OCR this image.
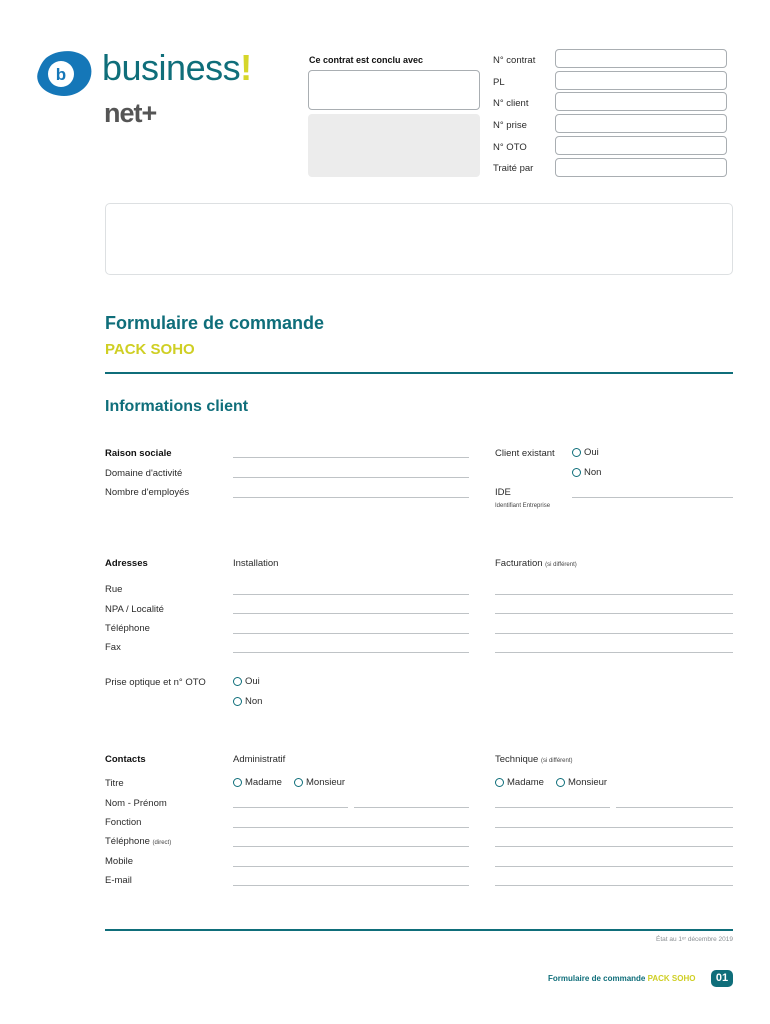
b business!
net+
Ce contrat est conclu avec	N° contrat
PL
N° client
N° prise
N° OTO
Traité par
Formulaire de commande
PACK SOHO
Informations client
Raison sociale
Domaine d'activité
Nombre d'employés
Client existant	Oui
Non
IDE
Identifiant Entreprise
Adresses	Installation	Facturation (si différent)
Rue
NPA / Localité
Téléphone
Fax
Prise optique et n° OTO	Oui
Non
Contacts	Administratif	Technique (si différent)
Titre	Madame	Monsieur	Madame	Monsieur
Nom - Prénom
Fonction
Téléphone (direct)
Mobile
E-mail
État au 1ᵉʳ décembre 2019
Formulaire de commande PACK SOHO	01
